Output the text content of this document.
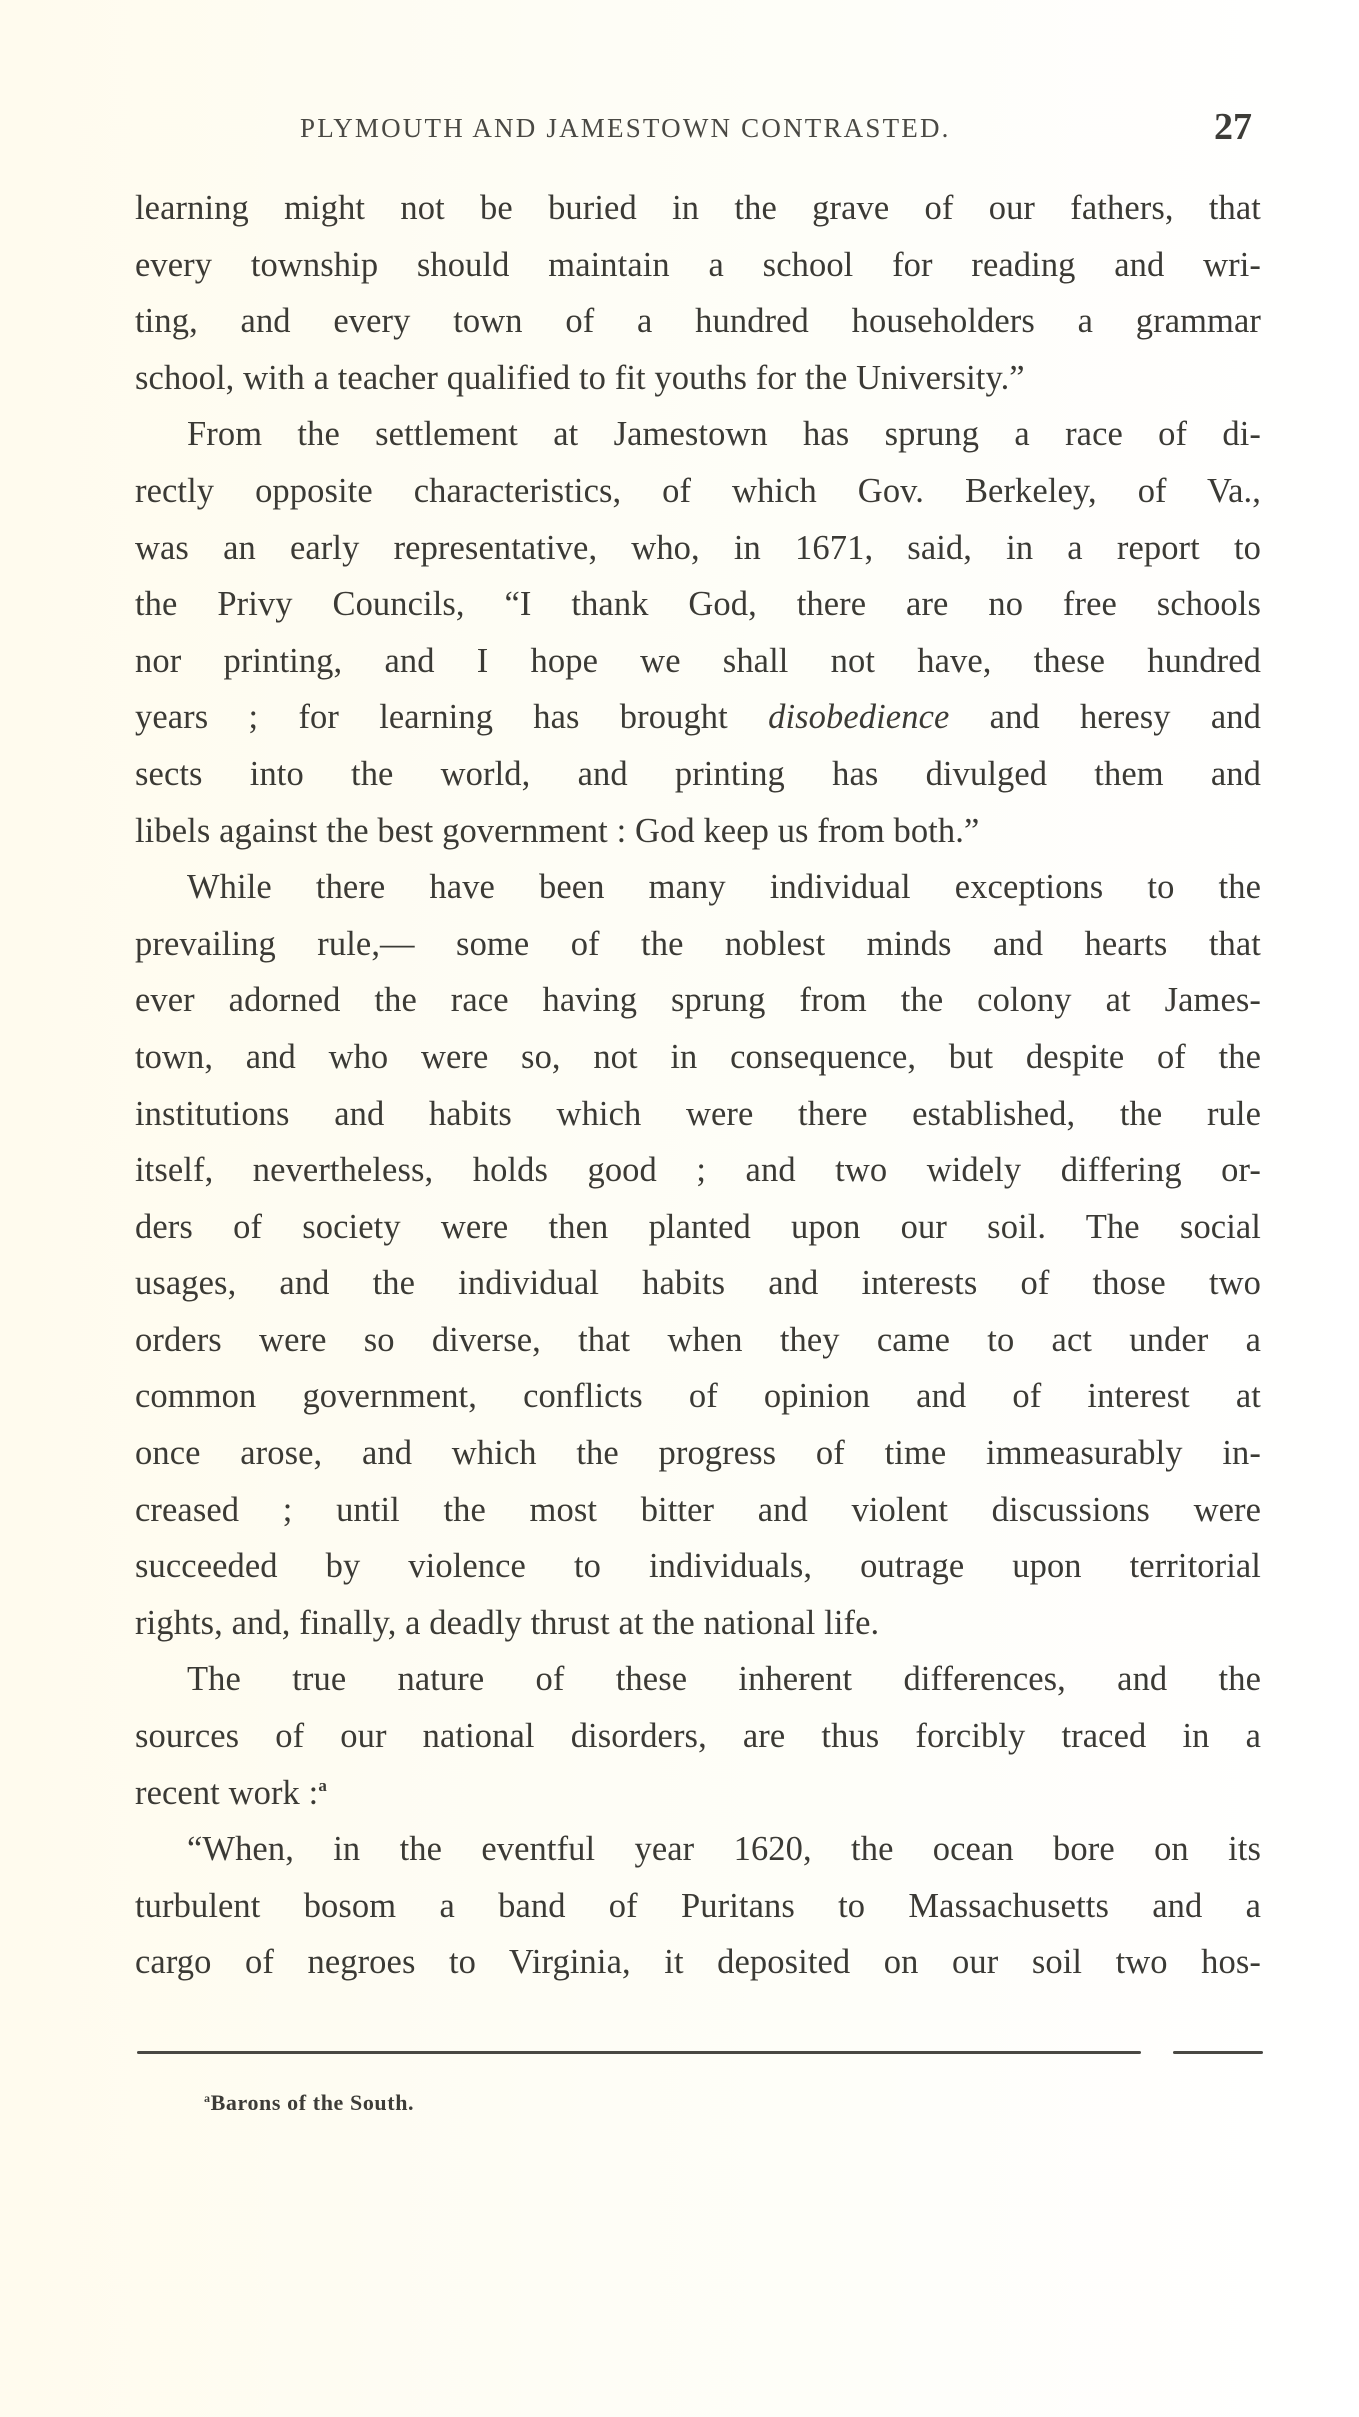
PLYMOUTH AND JAMESTOWN CONTRASTED.	27
learning might not be buried in the grave of our fathers, that
every township should maintain a school for reading and wri-
ting, and every town of a hundred householders a grammar
school, with a teacher qualified to fit youths for the University.”
From the settlement at Jamestown has sprung a race of di-
rectly opposite characteristics, of which Gov. Berkeley, of Va.,
was an early representative, who, in 1671, said, in a report to
the Privy Councils, “I thank God, there are no free schools
nor printing, and I hope we shall not have, these hundred
years ; for learning has brought disobedience and heresy and
sects into the world, and printing has divulged them and
libels against the best government : God keep us from both.”
While there have been many individual exceptions to the
prevailing rule,— some of the noblest minds and hearts that
ever adorned the race having sprung from the colony at James-
town, and who were so, not in consequence, but despite of the
institutions and habits which were there established, the rule
itself, nevertheless, holds good ; and two widely differing or-
ders of society were then planted upon our soil. The social
usages, and the individual habits and interests of those two
orders were so diverse, that when they came to act under a
common government, conflicts of opinion and of interest at
once arose, and which the progress of time immeasurably in-
creased ; until the most bitter and violent discussions were
succeeded by violence to individuals, outrage upon territorial
rights, and, finally, a deadly thrust at the national life.
The true nature of these inherent differences, and the
sources of our national disorders, are thus forcibly traced in a
recent work :$^a$
“When, in the eventful year 1620, the ocean bore on its
turbulent bosom a band of Puritans to Massachusetts and a
cargo of negroes to Virginia, it deposited on our soil two hos-
$^a$Barons of the South.
